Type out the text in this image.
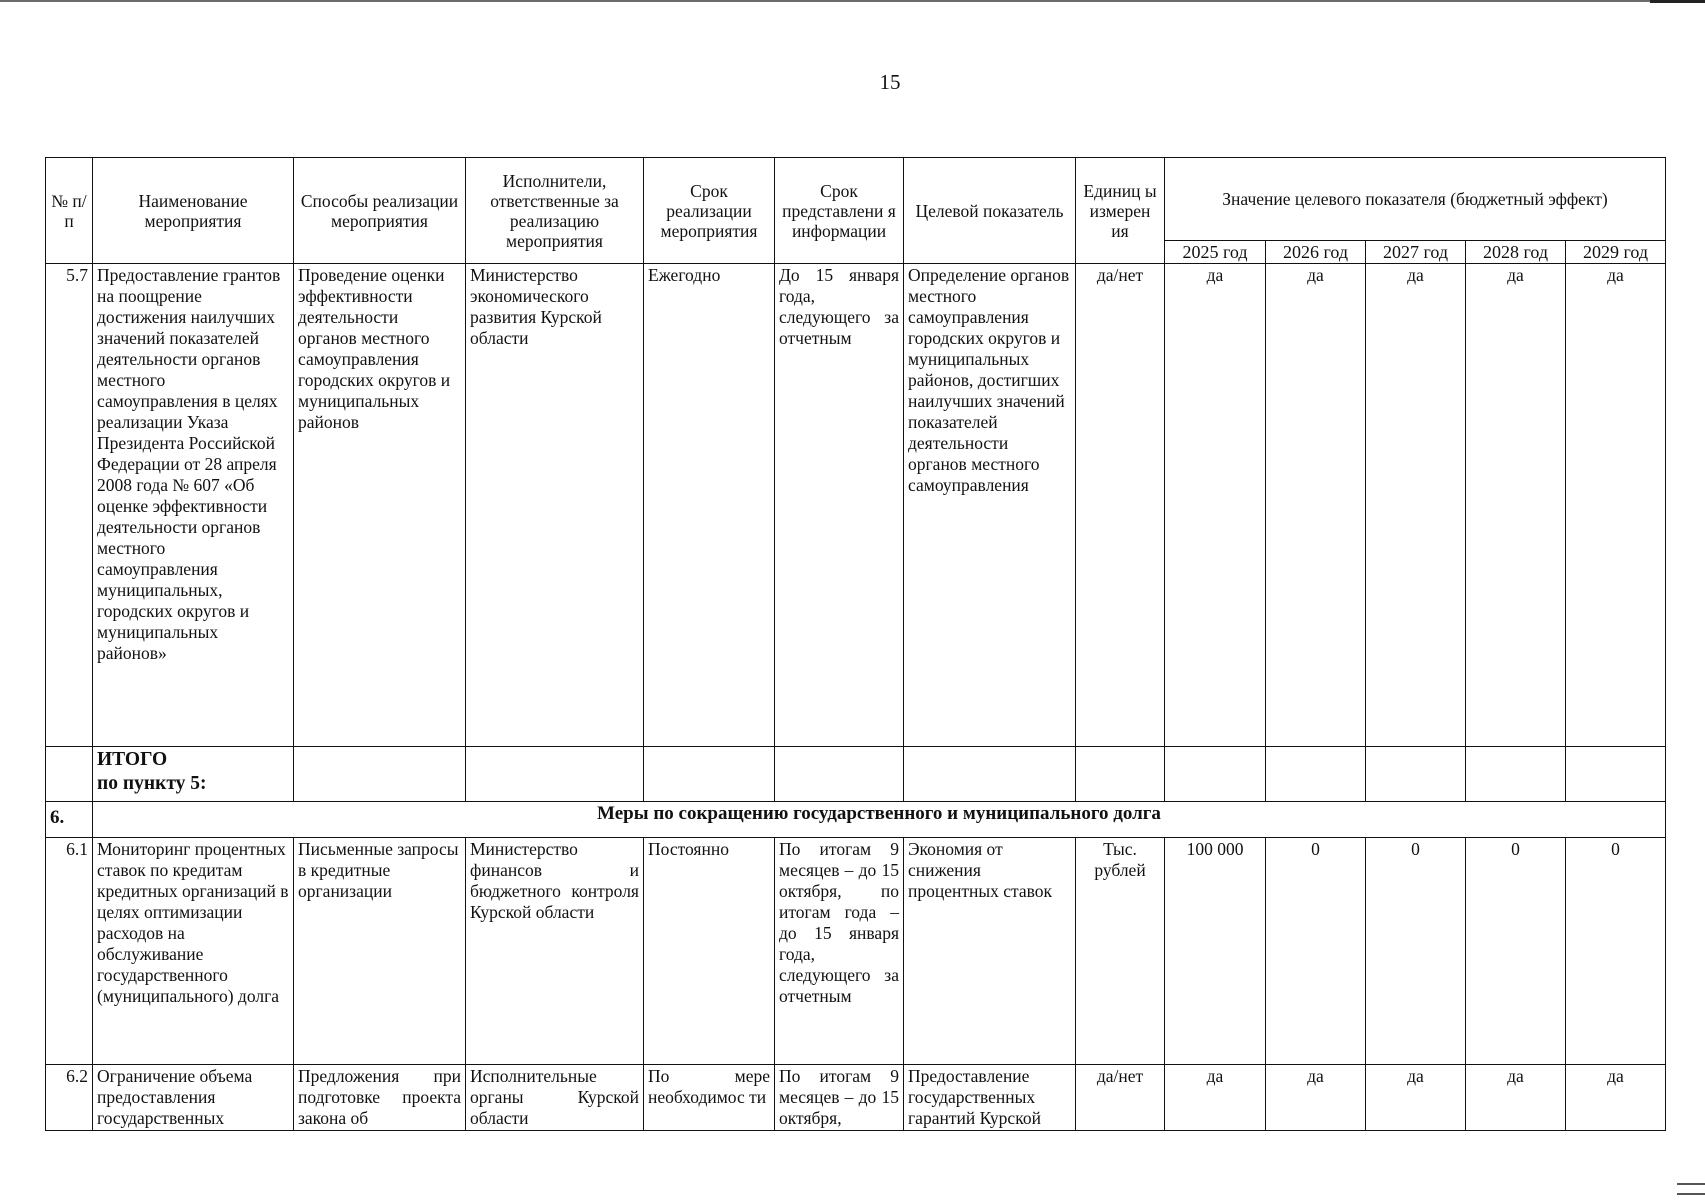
15
№ п/п	Наименование мероприятия	Способы реализации мероприятия	Исполнители, ответственные за реализацию мероприятия	Срок реализации мероприятия	Срок представлени я информации	Целевой показатель	Единиц ы измерен ия	Значение целевого показателя (бюджетный эффект)				
								2025 год	2026 год	2027 год	2028 год	2029 год
5.7	Предоставление грантов на поощрение достижения наилучших значений показателей деятельности органов местного самоуправления в целях реализации Указа Президента Российской Федерации от 28 апреля 2008 года № 607 «Об оценке эффективности деятельности органов местного самоуправления муниципальных, городских округов и муниципальных районов»	Проведение оценки эффективности деятельности органов местного самоуправления городских округов и муниципальных районов	Министерство экономического развития Курской области	Ежегодно	До 15 января года, следующего за отчетным	Определение органов местного самоуправления городских округов и муниципальных районов, достигших наилучших значений показателей деятельности органов местного самоуправления	да/нет	да	да	да	да	да
	ИТОГО
по пункту 5:											
6.	Меры по сокращению государственного и муниципального долга											
6.1	Мониторинг процентных ставок по кредитам кредитных организаций в целях оптимизации расходов на обслуживание государственного (муниципального) долга	Письменные запросы в кредитные организации	Министерство финансов и бюджетного контроля Курской области	Постоянно	По итогам 9 месяцев – до 15 октября, по итогам года – до 15 января года, следующего за отчетным	Экономия от снижения процентных ставок	Тыс. рублей	100 000	0	0	0	0
6.2	Ограничение объема предоставления государственных	Предложения при подготовке проекта закона об	Исполнительные органы Курской области	По мере необходимос ти	По итогам 9 месяцев – до 15 октября,	Предоставление государственных гарантий Курской	да/нет	да	да	да	да	да
